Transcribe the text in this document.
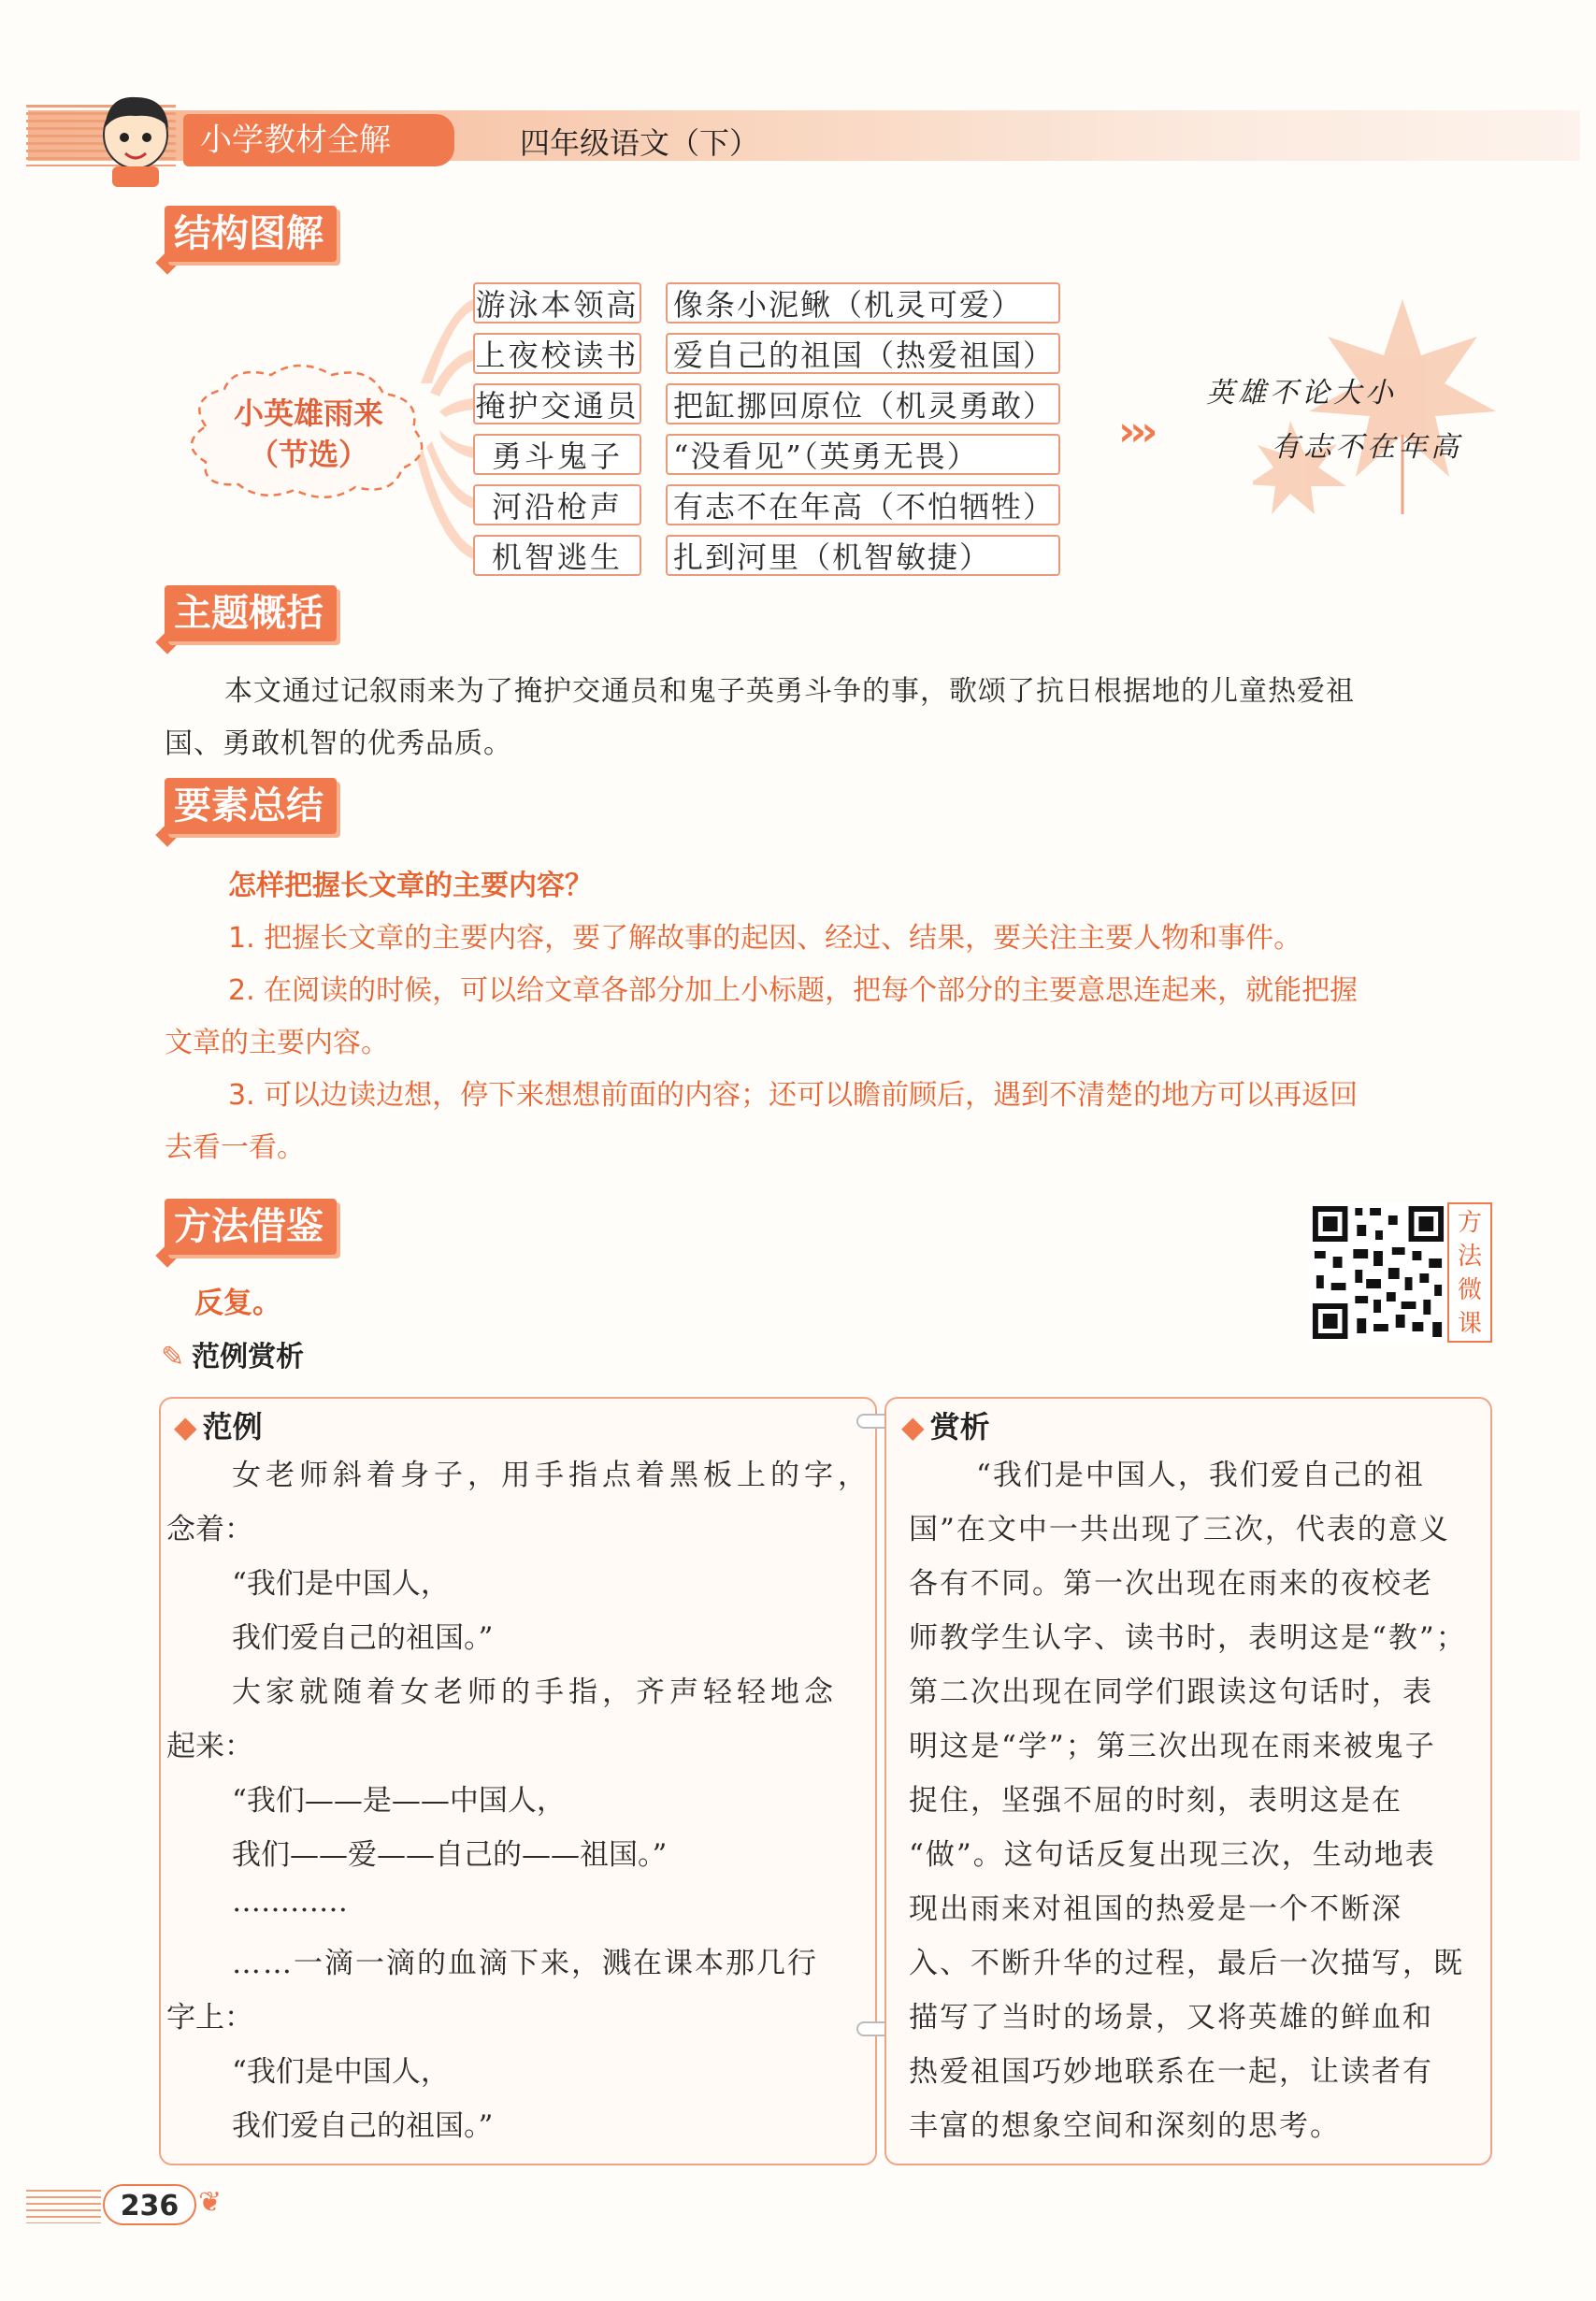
小学教材全解	四年级语文（下）
结构图解
小英雄雨来
（节选）
游泳本领高
上夜校读书
掩护交通员
勇斗鬼子
河沿枪声
机智逃生
像条小泥鳅（机灵可爱）
爱自己的祖国（热爱祖国）
把缸挪回原位（机灵勇敢）
“没看见”（英勇无畏）
有志不在年高（不怕牺牲）
扎到河里（机智敏捷）
›››
英雄不论大小
有志不在年高
主题概括
本文通过记叙雨来为了掩护交通员和鬼子英勇斗争的事，歌颂了抗日根据地的儿童热爱祖
国、勇敢机智的优秀品质。
要素总结
怎样把握长文章的主要内容？
1. 把握长文章的主要内容，要了解故事的起因、经过、结果，要关注主要人物和事件。
2. 在阅读的时候，可以给文章各部分加上小标题，把每个部分的主要意思连起来，就能把握
文章的主要内容。
3. 可以边读边想，停下来想想前面的内容；还可以瞻前顾后，遇到不清楚的地方可以再返回
去看一看。
方法借鉴	方法微课
反复。
✎ 范例赏析
◆ 范例
女老师斜着身子，用手指点着黑板上的字，
念着：
“我们是中国人，
我们爱自己的祖国。”
大家就随着女老师的手指，齐声轻轻地念
起来：
“我们——是——中国人，
我们——爱——自己的——祖国。”
…………
……一滴一滴的血滴下来，溅在课本那几行
字上：
“我们是中国人，
我们爱自己的祖国。”
◆ 赏析
“我们是中国人，我们爱自己的祖
国”在文中一共出现了三次，代表的意义
各有不同。第一次出现在雨来的夜校老
师教学生认字、读书时，表明这是“教”；
第二次出现在同学们跟读这句话时，表
明这是“学”；第三次出现在雨来被鬼子
捉住，坚强不屈的时刻，表明这是在
“做”。这句话反复出现三次，生动地表
现出雨来对祖国的热爱是一个不断深
入、不断升华的过程，最后一次描写，既
描写了当时的场景，又将英雄的鲜血和
热爱祖国巧妙地联系在一起，让读者有
丰富的想象空间和深刻的思考。
236 ❦
